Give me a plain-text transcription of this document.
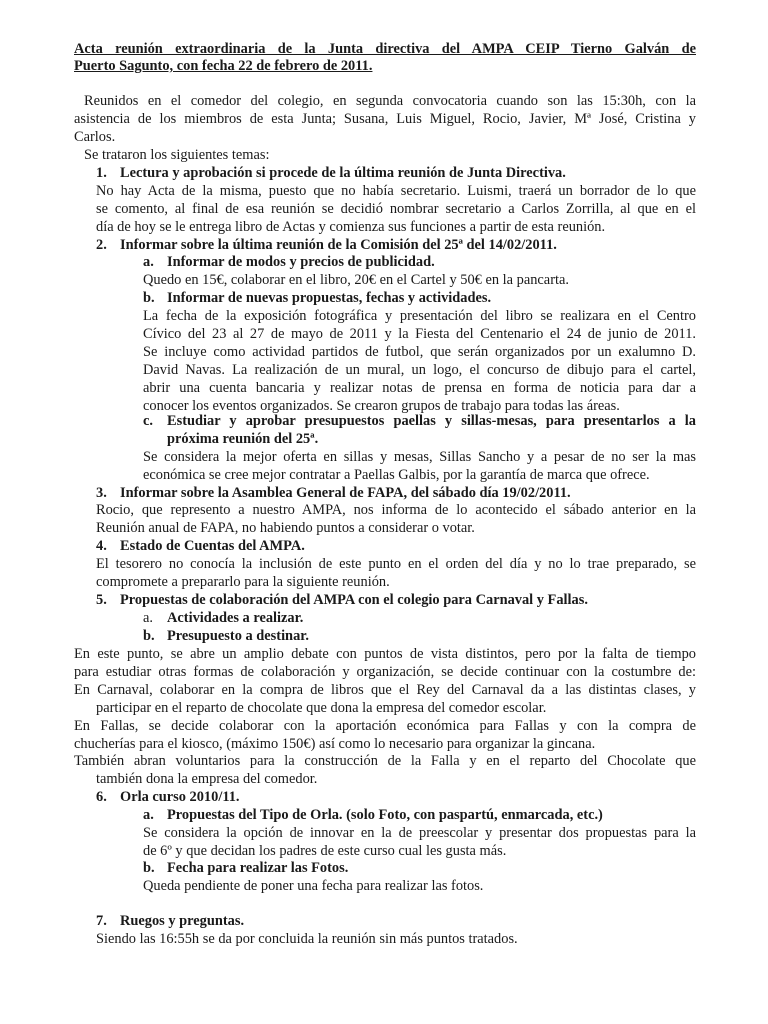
Acta reunión extraordinaria de la Junta directiva del AMPA CEIP Tierno Galván de
Puerto Sagunto, con fecha 22 de febrero de 2011.
Reunidos en el comedor del colegio, en segunda convocatoria cuando son las 15:30h, con la
asistencia de los miembros de esta Junta; Susana, Luis Miguel, Rocio, Javier, Mª José, Cristina y
Carlos.
Se trataron los siguientes temas:
1. Lectura y aprobación si procede de la última reunión de Junta Directiva.
No hay Acta de la misma, puesto que no había secretario. Luismi, traerá un borrador de lo que
se comento, al final de esa reunión se decidió nombrar secretario a Carlos Zorrilla, al que en el
día de hoy se le entrega libro de Actas y comienza sus funciones a partir de esta reunión.
2. Informar sobre la última reunión de la Comisión del 25ª del 14/02/2011.
a. Informar de modos y precios de publicidad.
Quedo en 15€, colaborar en el libro, 20€ en el Cartel y 50€ en la pancarta.
b. Informar de nuevas propuestas, fechas y actividades.
La fecha de la exposición fotográfica y presentación del libro se realizara en el Centro
Cívico del 23 al 27 de mayo de 2011 y la Fiesta del Centenario el 24 de junio de 2011.
Se incluye como actividad partidos de futbol, que serán organizados por un exalumno D.
David Navas. La realización de un mural, un logo, el concurso de dibujo para el cartel,
abrir una cuenta bancaria y realizar notas de prensa en forma de noticia para dar a
conocer los eventos organizados. Se crearon grupos de trabajo para todas las áreas.
c. Estudiar y aprobar presupuestos paellas y sillas-mesas, para presentarlos a la
próxima reunión del 25ª.
Se considera la mejor oferta en sillas y mesas, Sillas Sancho y a pesar de no ser la mas
económica se cree mejor contratar a Paellas Galbis, por la garantía de marca que ofrece.
3. Informar sobre la Asamblea General de FAPA, del sábado día 19/02/2011.
Rocio, que represento a nuestro AMPA, nos informa de lo acontecido el sábado anterior en la
Reunión anual de FAPA, no habiendo puntos a considerar o votar.
4. Estado de Cuentas del AMPA.
El tesorero no conocía la inclusión de este punto en el orden del día y no lo trae preparado, se
compromete a prepararlo para la siguiente reunión.
5. Propuestas de colaboración del AMPA con el colegio para Carnaval y Fallas.
a. Actividades a realizar.
b. Presupuesto a destinar.
En este punto, se abre un amplio debate con puntos de vista distintos, pero por la falta de tiempo
para estudiar otras formas de colaboración y organización, se decide continuar con la costumbre de:
En Carnaval, colaborar en la compra de libros que el Rey del Carnaval da a las distintas clases, y
participar en el reparto de chocolate que dona la empresa del comedor escolar.
En Fallas, se decide colaborar con la aportación económica para Fallas y con la compra de
chucherías para el kiosco, (máximo 150€) así como lo necesario para organizar la gincana.
También abran voluntarios para la construcción de la Falla y en el reparto del Chocolate que
también dona la empresa del comedor.
6. Orla curso 2010/11.
a. Propuestas del Tipo de Orla. (solo Foto, con paspartú, enmarcada, etc.)
Se considera la opción de innovar en la de preescolar y presentar dos propuestas para la
de 6º y que decidan los padres de este curso cual les gusta más.
b. Fecha para realizar las Fotos.
Queda pendiente de poner una fecha para realizar las fotos.
7. Ruegos y preguntas.
Siendo las 16:55h se da por concluida la reunión sin más puntos tratados.
